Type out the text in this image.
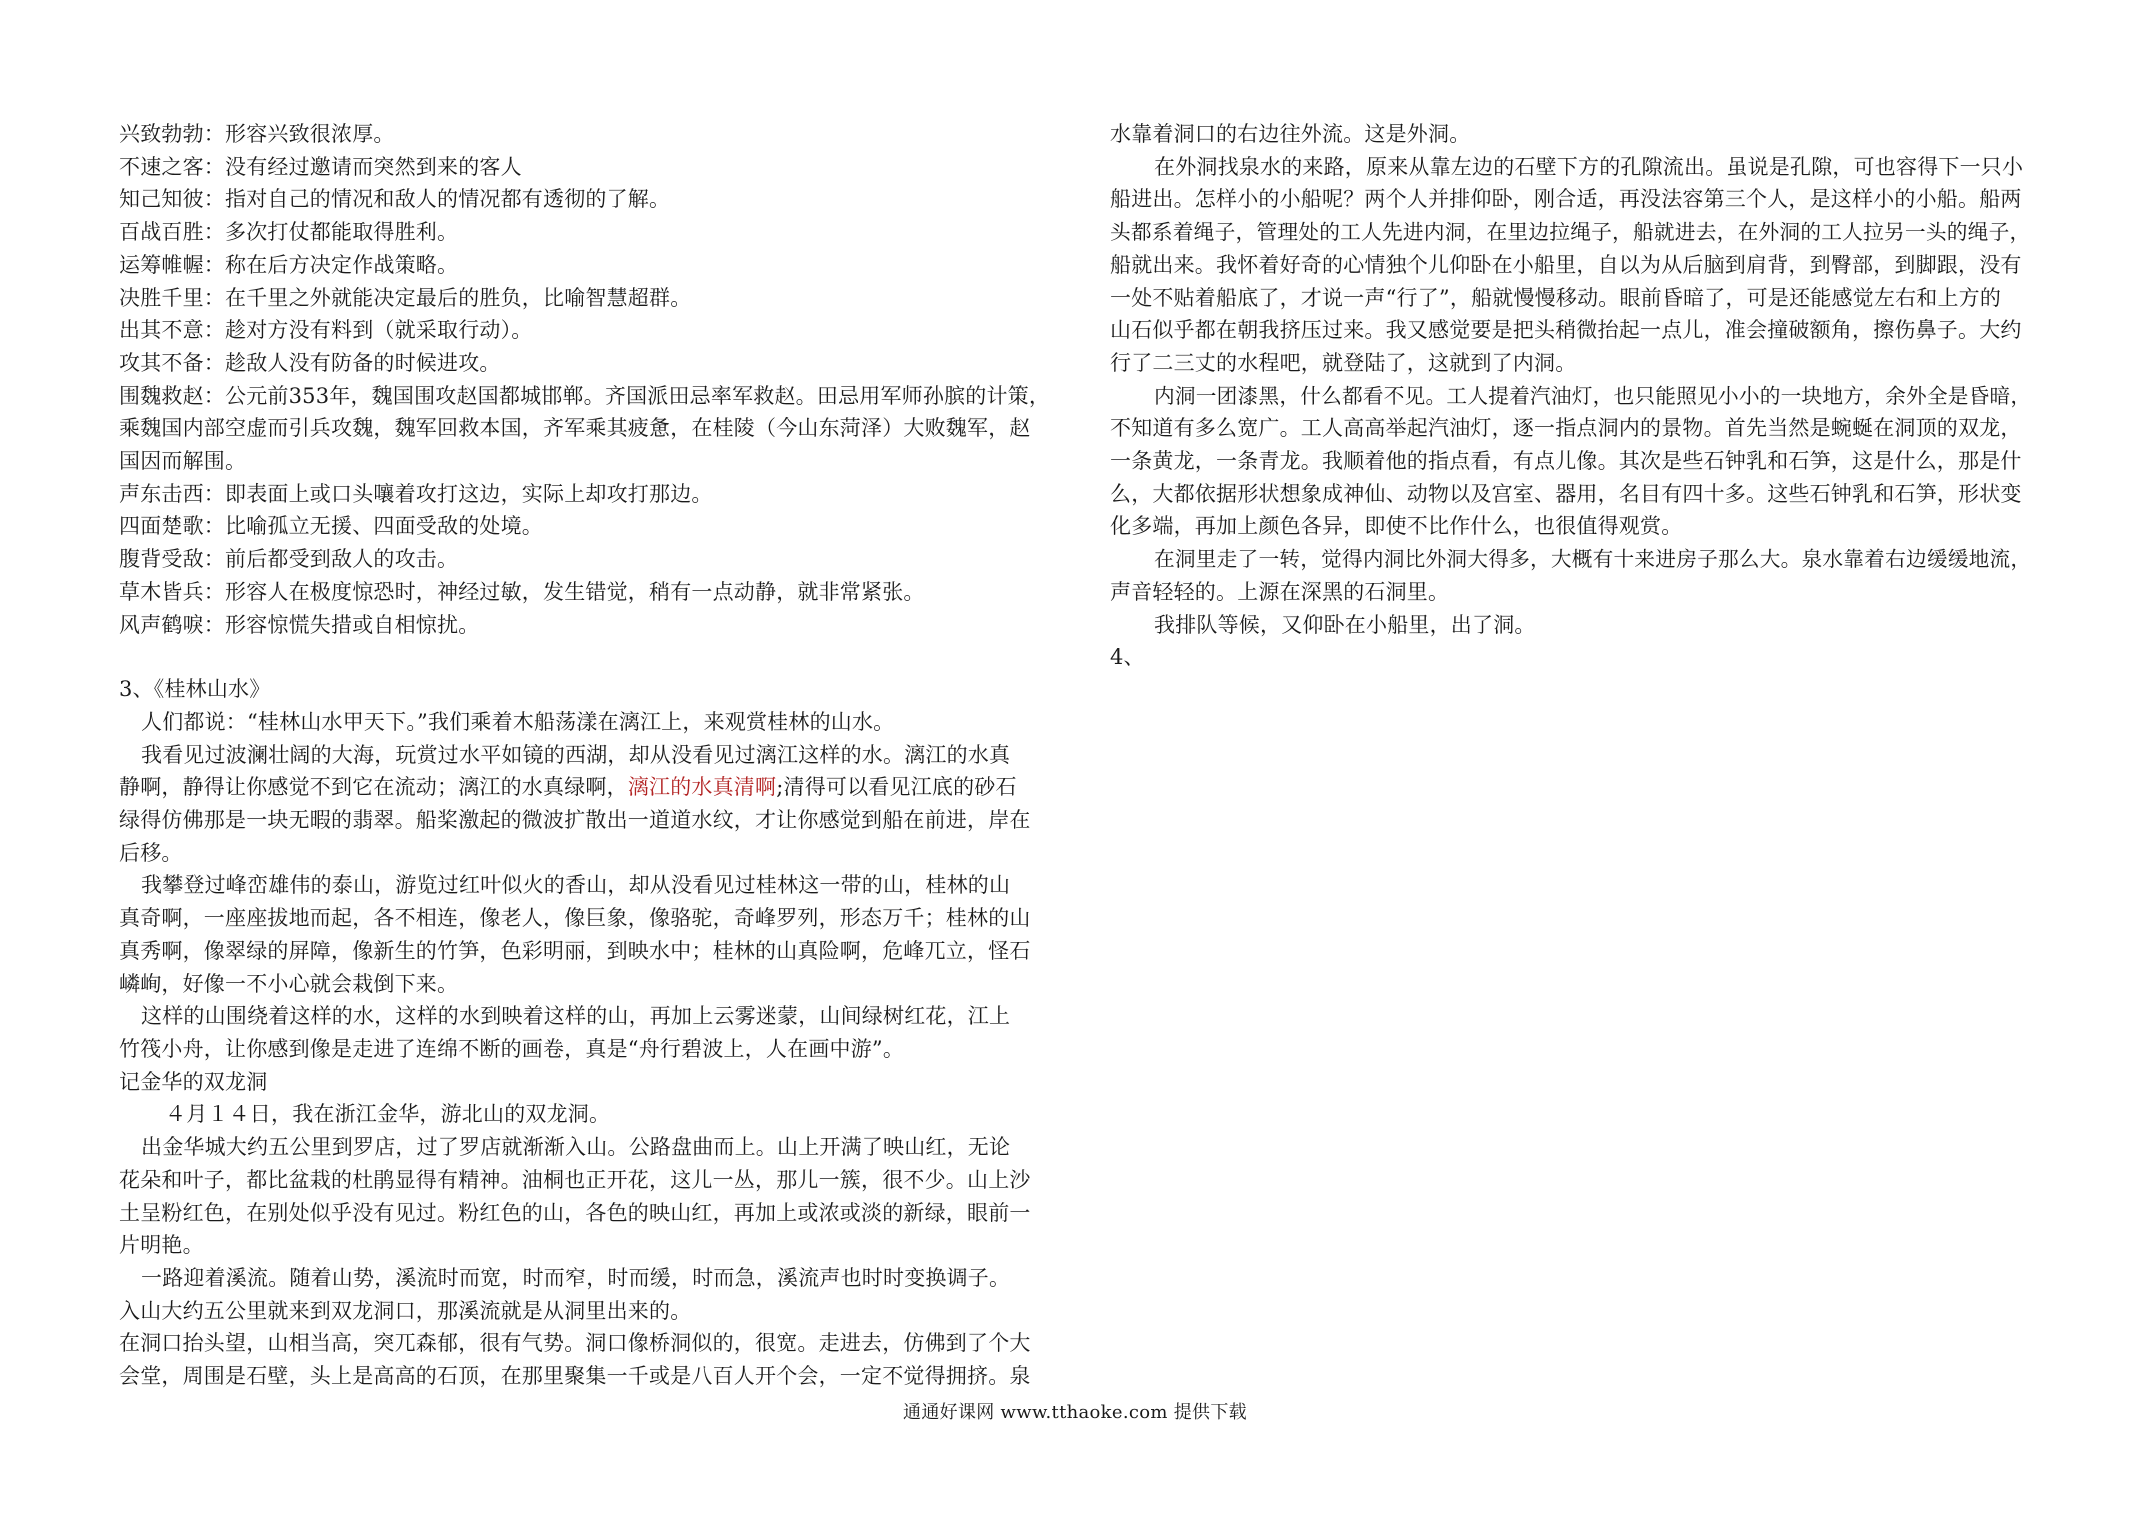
兴致勃勃：形容兴致很浓厚。
不速之客：没有经过邀请而突然到来的客人
知己知彼：指对自己的情况和敌人的情况都有透彻的了解。
百战百胜：多次打仗都能取得胜利。
运筹帷幄：称在后方决定作战策略。
决胜千里：在千里之外就能决定最后的胜负，比喻智慧超群。
出其不意：趁对方没有料到（就采取行动）。
攻其不备：趁敌人没有防备的时候进攻。
围魏救赵：公元前353年，魏国围攻赵国都城邯郸。齐国派田忌率军救赵。田忌用军师孙膑的计策，
乘魏国内部空虚而引兵攻魏，魏军回救本国，齐军乘其疲惫，在桂陵（今山东菏泽）大败魏军，赵
国因而解围。
声东击西：即表面上或口头嚷着攻打这边，实际上却攻打那边。
四面楚歌：比喻孤立无援、四面受敌的处境。
腹背受敌：前后都受到敌人的攻击。
草木皆兵：形容人在极度惊恐时，神经过敏，发生错觉，稍有一点动静，就非常紧张。
风声鹤唳：形容惊慌失措或自相惊扰。
3、《桂林山水》
人们都说：“桂林山水甲天下。”我们乘着木船荡漾在漓江上，来观赏桂林的山水。
我看见过波澜壮阔的大海，玩赏过水平如镜的西湖，却从没看见过漓江这样的水。漓江的水真
静啊，静得让你感觉不到它在流动；漓江的水真绿啊，漓江的水真清啊;清得可以看见江底的砂石
绿得仿佛那是一块无暇的翡翠。船桨激起的微波扩散出一道道水纹，才让你感觉到船在前进，岸在
后移。
我攀登过峰峦雄伟的泰山，游览过红叶似火的香山，却从没看见过桂林这一带的山，桂林的山
真奇啊，一座座拔地而起，各不相连，像老人，像巨象，像骆驼，奇峰罗列，形态万千；桂林的山
真秀啊，像翠绿的屏障，像新生的竹笋，色彩明丽，到映水中；桂林的山真险啊，危峰兀立，怪石
嶙峋，好像一不小心就会栽倒下来。
这样的山围绕着这样的水，这样的水到映着这样的山，再加上云雾迷蒙，山间绿树红花，江上
竹筏小舟，让你感到像是走进了连绵不断的画卷，真是“舟行碧波上，人在画中游”。
记金华的双龙洞
４月１４日，我在浙江金华，游北山的双龙洞。
出金华城大约五公里到罗店，过了罗店就渐渐入山。公路盘曲而上。山上开满了映山红，无论
花朵和叶子，都比盆栽的杜鹃显得有精神。油桐也正开花，这儿一丛，那儿一簇，很不少。山上沙
土呈粉红色，在别处似乎没有见过。粉红色的山，各色的映山红，再加上或浓或淡的新绿，眼前一
片明艳。
一路迎着溪流。随着山势，溪流时而宽，时而窄，时而缓，时而急，溪流声也时时变换调子。
入山大约五公里就来到双龙洞口，那溪流就是从洞里出来的。
在洞口抬头望，山相当高，突兀森郁，很有气势。洞口像桥洞似的，很宽。走进去，仿佛到了个大
会堂，周围是石壁，头上是高高的石顶，在那里聚集一千或是八百人开个会，一定不觉得拥挤。泉
水靠着洞口的右边往外流。这是外洞。
在外洞找泉水的来路，原来从靠左边的石壁下方的孔隙流出。虽说是孔隙，可也容得下一只小
船进出。怎样小的小船呢？两个人并排仰卧，刚合适，再没法容第三个人，是这样小的小船。船两
头都系着绳子，管理处的工人先进内洞，在里边拉绳子，船就进去，在外洞的工人拉另一头的绳子，
船就出来。我怀着好奇的心情独个儿仰卧在小船里，自以为从后脑到肩背，到臀部，到脚跟，没有
一处不贴着船底了，才说一声“行了”，船就慢慢移动。眼前昏暗了，可是还能感觉左右和上方的
山石似乎都在朝我挤压过来。我又感觉要是把头稍微抬起一点儿，准会撞破额角，擦伤鼻子。大约
行了二三丈的水程吧，就登陆了，这就到了内洞。
内洞一团漆黑，什么都看不见。工人提着汽油灯，也只能照见小小的一块地方，余外全是昏暗，
不知道有多么宽广。工人高高举起汽油灯，逐一指点洞内的景物。首先当然是蜿蜒在洞顶的双龙，
一条黄龙，一条青龙。我顺着他的指点看，有点儿像。其次是些石钟乳和石笋，这是什么，那是什
么，大都依据形状想象成神仙、动物以及宫室、器用，名目有四十多。这些石钟乳和石笋，形状变
化多端，再加上颜色各异，即使不比作什么，也很值得观赏。
在洞里走了一转，觉得内洞比外洞大得多，大概有十来进房子那么大。泉水靠着右边缓缓地流，
声音轻轻的。上源在深黑的石洞里。
我排队等候，又仰卧在小船里，出了洞。
4、
通通好课网 www.tthaoke.com 提供下载
